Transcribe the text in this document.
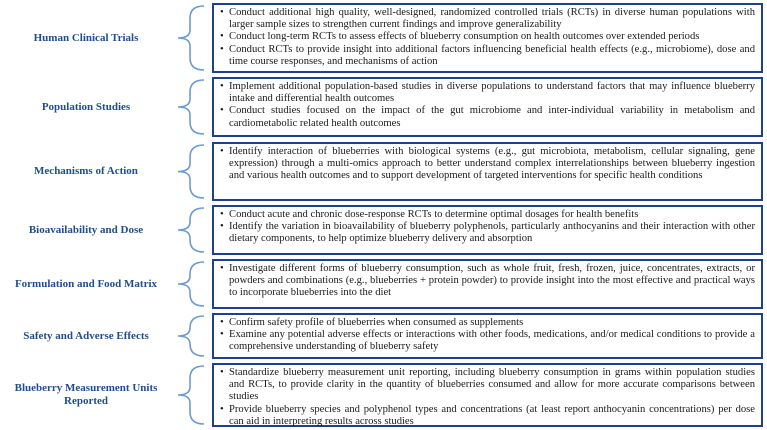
Human Clinical Trials
• Conduct additional high quality, well-designed, randomized controlled trials (RCTs) in diverse human populations with larger sample sizes to strengthen current findings and improve generalizability
• Conduct long-term RCTs to assess effects of blueberry consumption on health outcomes over extended periods
• Conduct RCTs to provide insight into additional factors influencing beneficial health effects (e.g., microbiome), dose and time course responses, and mechanisms of action
Population Studies
• Implement additional population-based studies in diverse populations to understand factors that may influence blueberry intake and differential health outcomes
• Conduct studies focused on the impact of the gut microbiome and inter-individual variability in metabolism and cardiometabolic related health outcomes
Mechanisms of Action
• Identify interaction of blueberries with biological systems (e.g., gut microbiota, metabolism, cellular signaling, gene expression) through a multi-omics approach to better understand complex interrelationships between blueberry ingestion and various health outcomes and to support development of targeted interventions for specific health conditions
Bioavailability and Dose
• Conduct acute and chronic dose-response RCTs to determine optimal dosages for health benefits
• Identify the variation in bioavailability of blueberry polyphenols, particularly anthocyanins and their interaction with other dietary components, to help optimize blueberry delivery and absorption
Formulation and Food Matrix
• Investigate different forms of blueberry consumption, such as whole fruit, fresh, frozen, juice, concentrates, extracts, or powders and combinations (e.g., blueberries + protein powder) to provide insight into the most effective and practical ways to incorporate blueberries into the diet
Safety and Adverse Effects
• Confirm safety profile of blueberries when consumed as supplements
• Examine any potential adverse effects or interactions with other foods, medications, and/or medical conditions to provide a comprehensive understanding of blueberry safety
Blueberry Measurement Units Reported
• Standardize blueberry measurement unit reporting, including blueberry consumption in grams within population studies and RCTs, to provide clarity in the quantity of blueberries consumed and allow for more accurate comparisons between studies
• Provide blueberry species and polyphenol types and concentrations (at least report anthocyanin concentrations) per dose can aid in interpreting results across studies
